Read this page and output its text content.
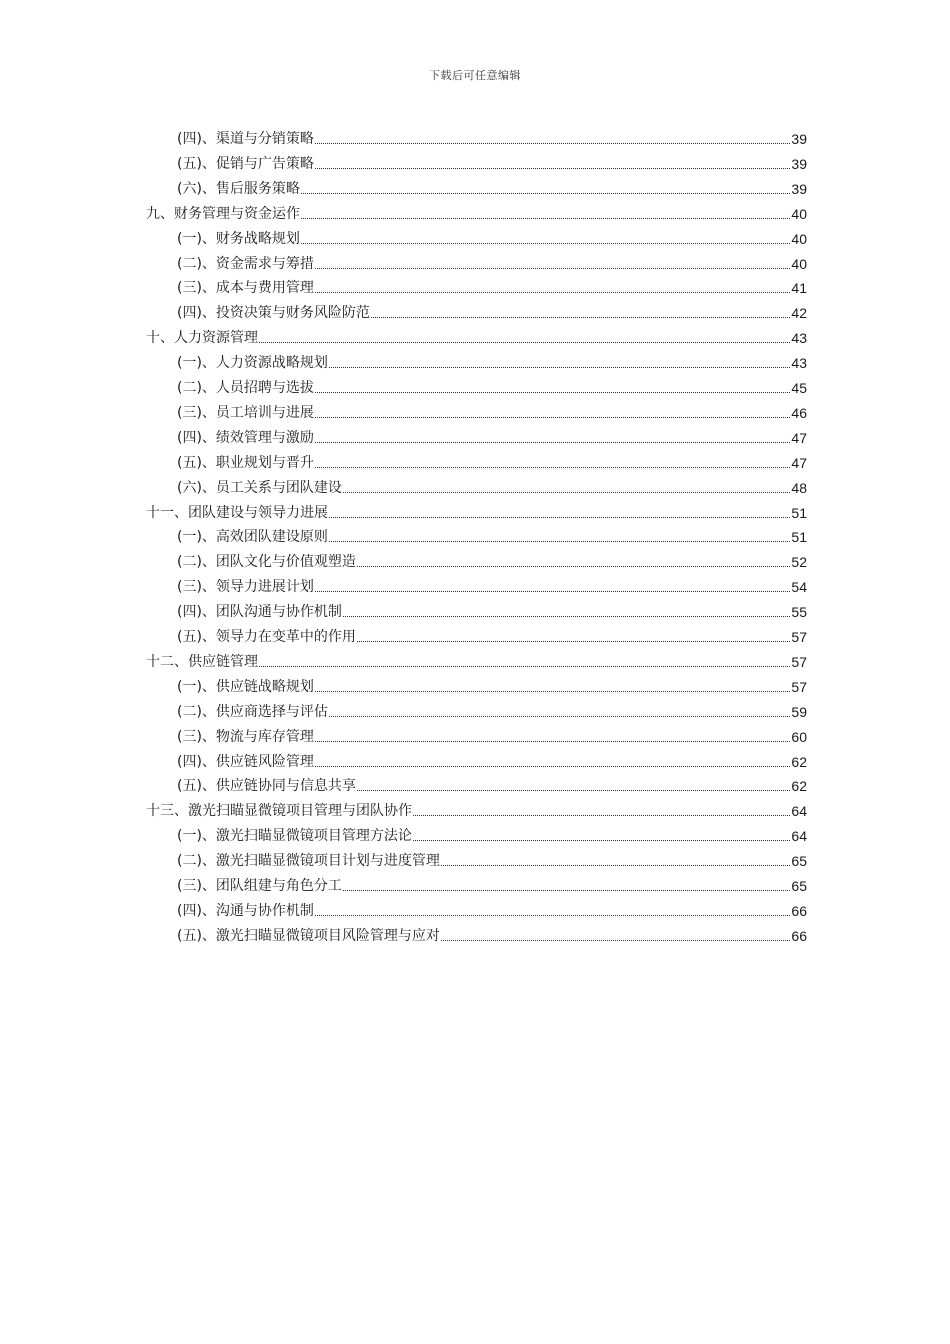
下载后可任意编辑
(四)、渠道与分销策略	39
(五)、促销与广告策略	39
(六)、售后服务策略	39
九、财务管理与资金运作	40
(一)、财务战略规划	40
(二)、资金需求与筹措	40
(三)、成本与费用管理	41
(四)、投资决策与财务风险防范	42
十、人力资源管理	43
(一)、人力资源战略规划	43
(二)、人员招聘与选拔	45
(三)、员工培训与进展	46
(四)、绩效管理与激励	47
(五)、职业规划与晋升	47
(六)、员工关系与团队建设	48
十一、团队建设与领导力进展	51
(一)、高效团队建设原则	51
(二)、团队文化与价值观塑造	52
(三)、领导力进展计划	54
(四)、团队沟通与协作机制	55
(五)、领导力在变革中的作用	57
十二、供应链管理	57
(一)、供应链战略规划	57
(二)、供应商选择与评估	59
(三)、物流与库存管理	60
(四)、供应链风险管理	62
(五)、供应链协同与信息共享	62
十三、激光扫瞄显微镜项目管理与团队协作	64
(一)、激光扫瞄显微镜项目管理方法论	64
(二)、激光扫瞄显微镜项目计划与进度管理	65
(三)、团队组建与角色分工	65
(四)、沟通与协作机制	66
(五)、激光扫瞄显微镜项目风险管理与应对	66
